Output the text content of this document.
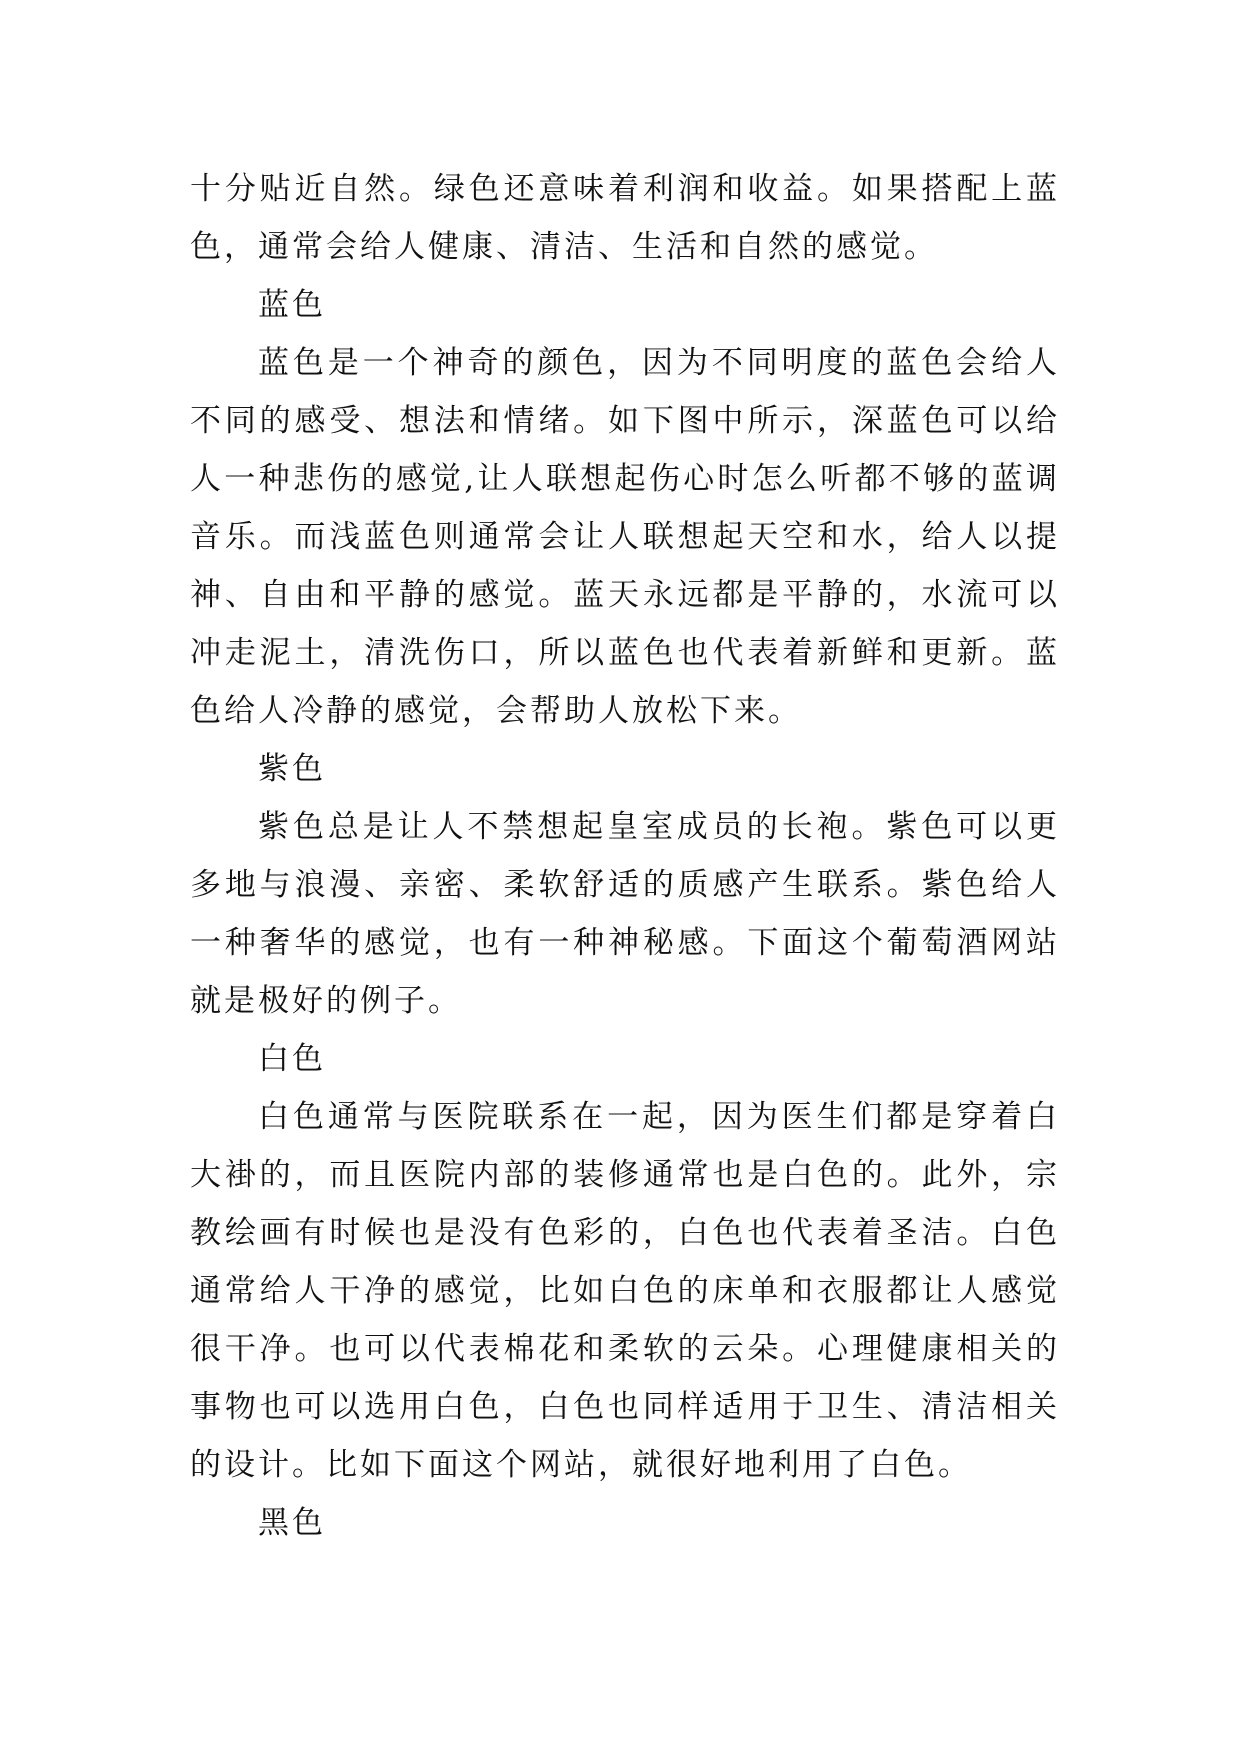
十分贴近自然。绿色还意味着利润和收益。如果搭配上蓝色，通常会给人健康、清洁、生活和自然的感觉。

蓝色

蓝色是一个神奇的颜色，因为不同明度的蓝色会给人不同的感受、想法和情绪。如下图中所示，深蓝色可以给人一种悲伤的感觉,让人联想起伤心时怎么听都不够的蓝调音乐。而浅蓝色则通常会让人联想起天空和水，给人以提神、自由和平静的感觉。蓝天永远都是平静的，水流可以冲走泥土，清洗伤口，所以蓝色也代表着新鲜和更新。蓝色给人冷静的感觉，会帮助人放松下来。

紫色

紫色总是让人不禁想起皇室成员的长袍。紫色可以更多地与浪漫、亲密、柔软舒适的质感产生联系。紫色给人一种奢华的感觉，也有一种神秘感。下面这个葡萄酒网站就是极好的例子。

白色

白色通常与医院联系在一起，因为医生们都是穿着白大褂的，而且医院内部的装修通常也是白色的。此外，宗教绘画有时候也是没有色彩的，白色也代表着圣洁。白色通常给人干净的感觉，比如白色的床单和衣服都让人感觉很干净。也可以代表棉花和柔软的云朵。心理健康相关的事物也可以选用白色，白色也同样适用于卫生、清洁相关的设计。比如下面这个网站，就很好地利用了白色。

黑色
